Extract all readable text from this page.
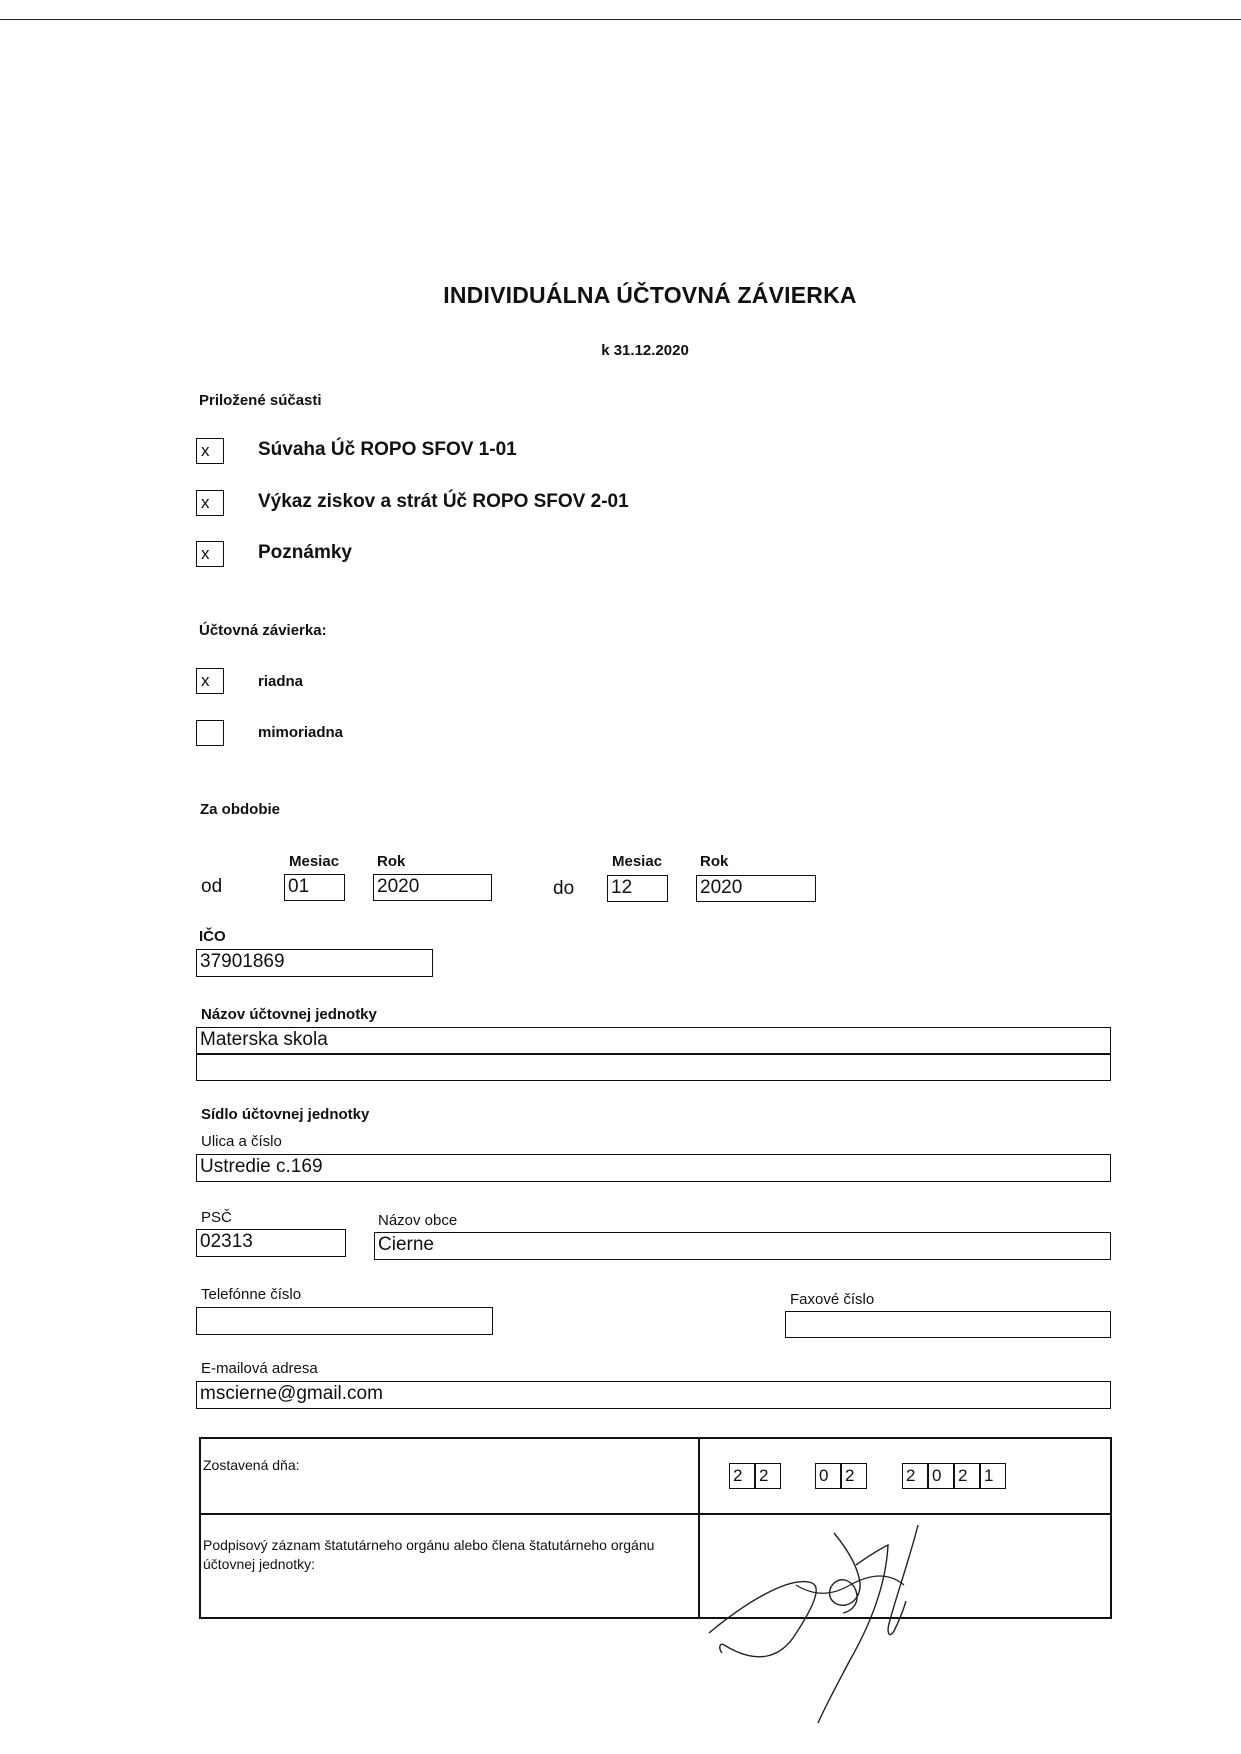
INDIVIDUÁLNA ÚČTOVNÁ ZÁVIERKA
k 31.12.2020
Priložené súčasti
x	Súvaha Úč ROPO SFOV 1-01
x	Výkaz ziskov a strát Úč ROPO SFOV 2-01
x	Poznámky
Účtovná závierka:
x	riadna
mimoriadna
Za obdobie
Mesiac	Rok	Mesiac	Rok
od	01	2020	do 12	2020
IČO
37901869
Názov účtovnej jednotky
Materska skola
Sídlo účtovnej jednotky
Ulica a číslo
Ustredie c.169
PSČ
02313
Názov obce
Cierne
Telefónne číslo	Faxové číslo
E-mailová adresa
mscierne@gmail.com
Zostavená dňa:
2 2	0 2	2 0 2 1
Podpisový záznam štatutárneho orgánu alebo člena štatutárneho orgánu účtovnej jednotky:
